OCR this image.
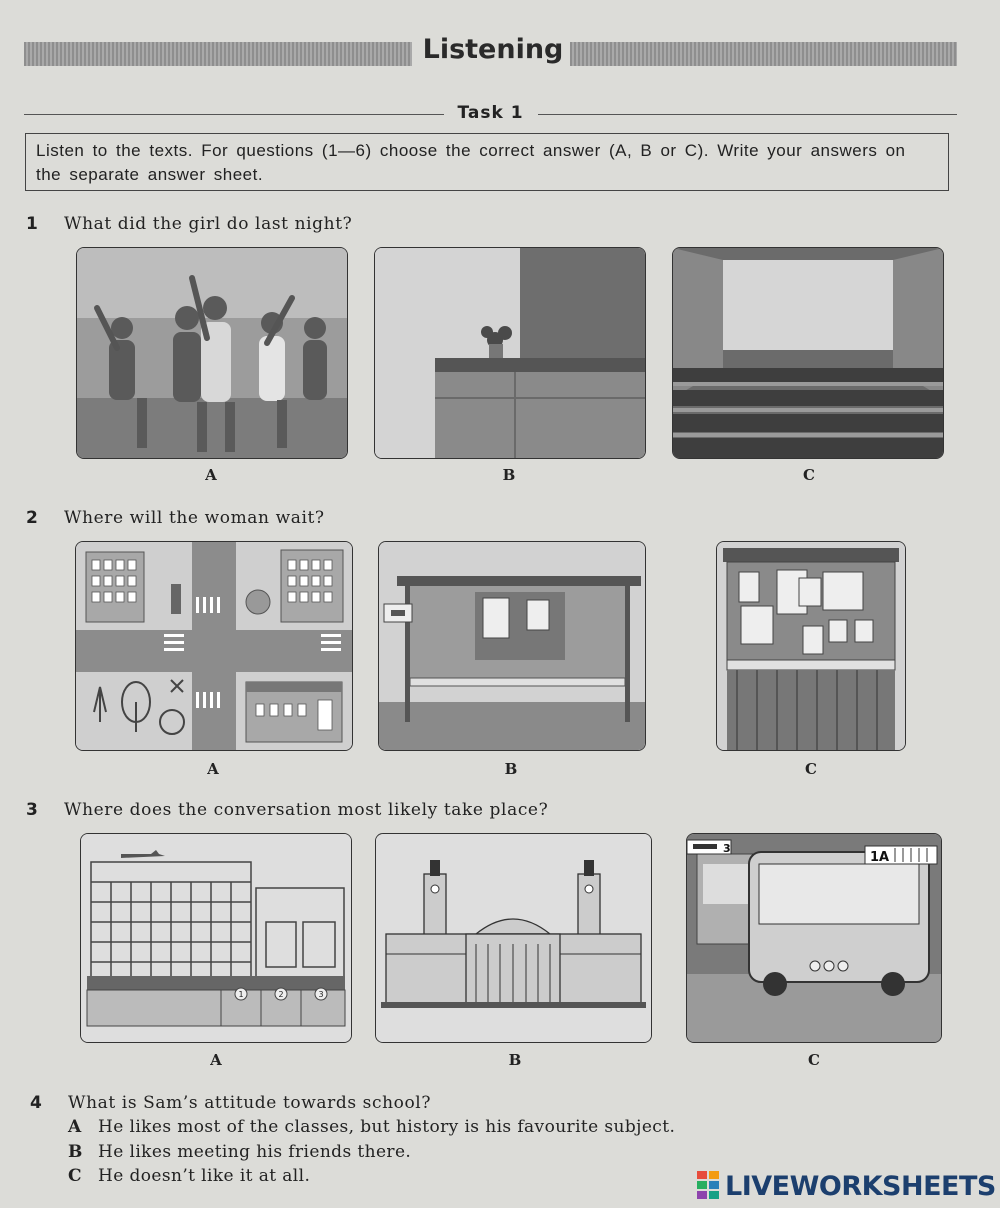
Listening
Task 1
Listen to the texts. For questions (1—6) choose the correct answer (A, B or C). Write your answers on the separate answer sheet.
1 What did the girl do last night?
A	B	C
2 Where will the woman wait?
A	B	C
3 Where does the conversation most likely take place?
1	2	3
3
1A
A	B	C
4 What is Sam’s attitude towards school?
A He likes most of the classes, but history is his favourite subject.
B He likes meeting his friends there.
C He doesn’t like it at all.	LIVEWORKSHEETS
